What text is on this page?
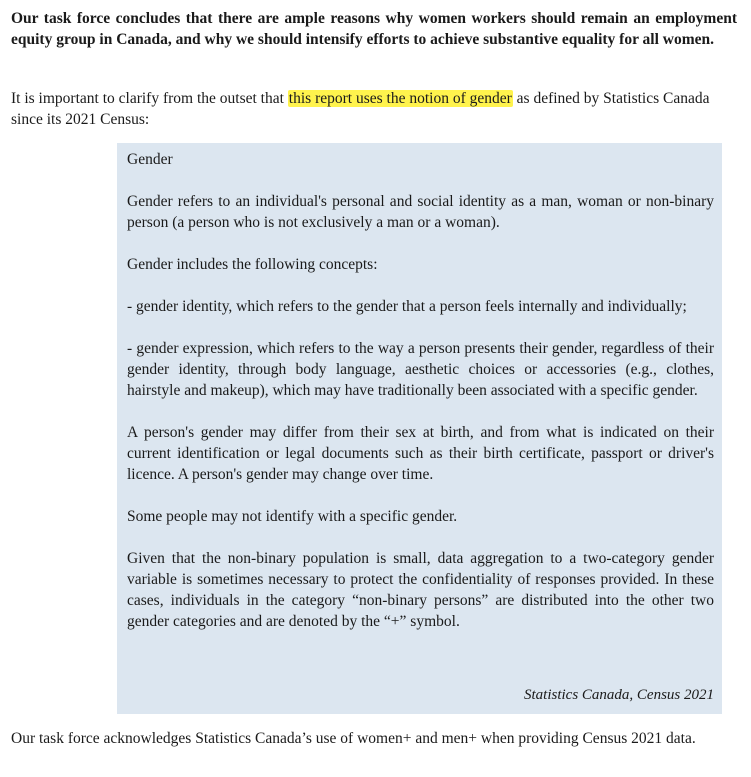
Our task force concludes that there are ample reasons why women workers should remain an employment equity group in Canada, and why we should intensify efforts to achieve substantive equality for all women.

It is important to clarify from the outset that this report uses the notion of gender as defined by Statistics Canada since its 2021 Census:

Gender

Gender refers to an individual's personal and social identity as a man, woman or non-binary person (a person who is not exclusively a man or a woman).

Gender includes the following concepts:

- gender identity, which refers to the gender that a person feels internally and individually;

- gender expression, which refers to the way a person presents their gender, regardless of their gender identity, through body language, aesthetic choices or accessories (e.g., clothes, hairstyle and makeup), which may have traditionally been associated with a specific gender.

A person's gender may differ from their sex at birth, and from what is indicated on their current identification or legal documents such as their birth certificate, passport or driver's licence. A person's gender may change over time.

Some people may not identify with a specific gender.

Given that the non-binary population is small, data aggregation to a two-category gender variable is sometimes necessary to protect the confidentiality of responses provided. In these cases, individuals in the category “non-binary persons” are distributed into the other two gender categories and are denoted by the “+” symbol.

Statistics Canada, Census 2021

Our task force acknowledges Statistics Canada’s use of women+ and men+ when providing Census 2021 data.
